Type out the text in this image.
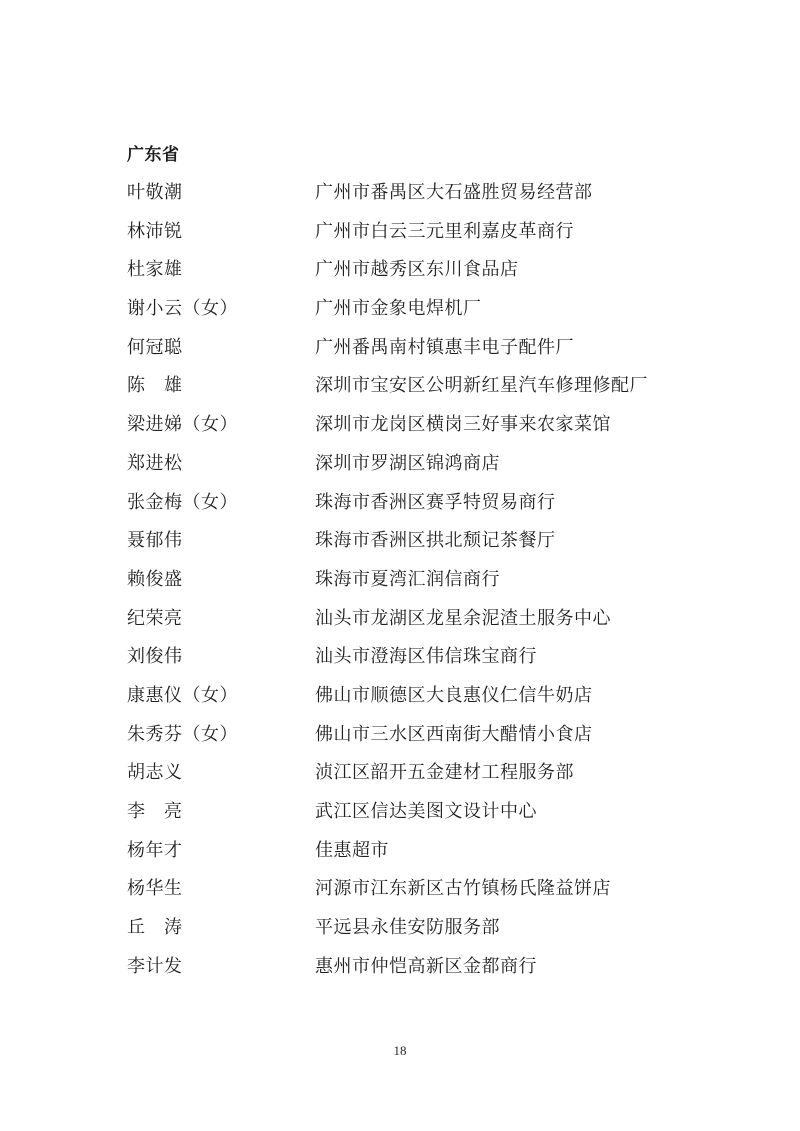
广东省
叶敬潮	广州市番禺区大石盛胜贸易经营部
林沛锐	广州市白云三元里利嘉皮革商行
杜家雄	广州市越秀区东川食品店
谢小云（女）	广州市金象电焊机厂
何冠聪	广州番禺南村镇惠丰电子配件厂
陈　雄	深圳市宝安区公明新红星汽车修理修配厂
梁进娣（女）	深圳市龙岗区横岗三好事来农家菜馆
郑进松	深圳市罗湖区锦鸿商店
张金梅（女）	珠海市香洲区赛孚特贸易商行
聂郁伟	珠海市香洲区拱北颓记茶餐厅
赖俊盛	珠海市夏湾汇润信商行
纪荣亮	汕头市龙湖区龙星余泥渣土服务中心
刘俊伟	汕头市澄海区伟信珠宝商行
康惠仪（女）	佛山市顺德区大良惠仪仁信牛奶店
朱秀芬（女）	佛山市三水区西南街大醋情小食店
胡志义	浈江区韶开五金建材工程服务部
李　亮	武江区信达美图文设计中心
杨年才	佳惠超市
杨华生	河源市江东新区古竹镇杨氏隆益饼店
丘　涛	平远县永佳安防服务部
李计发	惠州市仲恺高新区金都商行
18
